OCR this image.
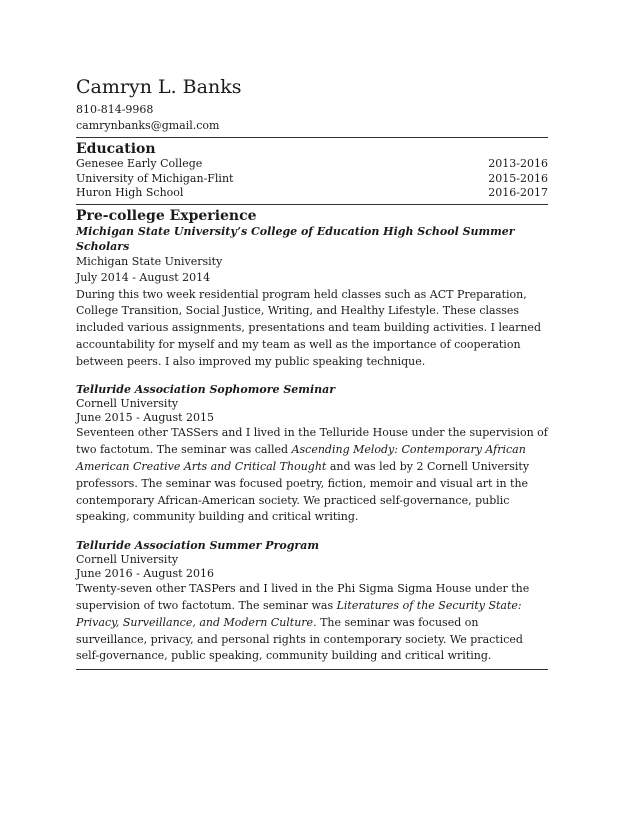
Camryn L. Banks
810-814-9968
camrynbanks@gmail.com
Education
Genesee Early College	2013-2016
University of Michigan-Flint	2015-2016
Huron High School	2016-2017
Pre-college Experience
Michigan State University’s College of Education High School Summer Scholars
Michigan State University
July 2014 - August 2014
During this two week residential program held classes such as ACT Preparation, College Transition, Social Justice, Writing, and Healthy Lifestyle. These classes included various assignments, presentations and team building activities. I learned accountability for myself and my team as well as the importance of cooperation between peers. I also improved my public speaking technique.
Telluride Association Sophomore Seminar
Cornell University
June 2015 - August 2015
Seventeen other TASSers and I lived in the Telluride House under the supervision of two factotum. The seminar was called Ascending Melody: Contemporary African American Creative Arts and Critical Thought and was led by 2 Cornell University professors. The seminar was focused poetry, fiction, memoir and visual art in the contemporary African-American society. We practiced self-governance, public speaking, community building and critical writing.
Telluride Association Summer Program
Cornell University
June 2016 - August 2016
Twenty-seven other TASPers and I lived in the Phi Sigma Sigma House under the supervision of two factotum. The seminar was Literatures of the Security State: Privacy, Surveillance, and Modern Culture. The seminar was focused on surveillance, privacy, and personal rights in contemporary society. We practiced self-governance, public speaking, community building and critical writing.
